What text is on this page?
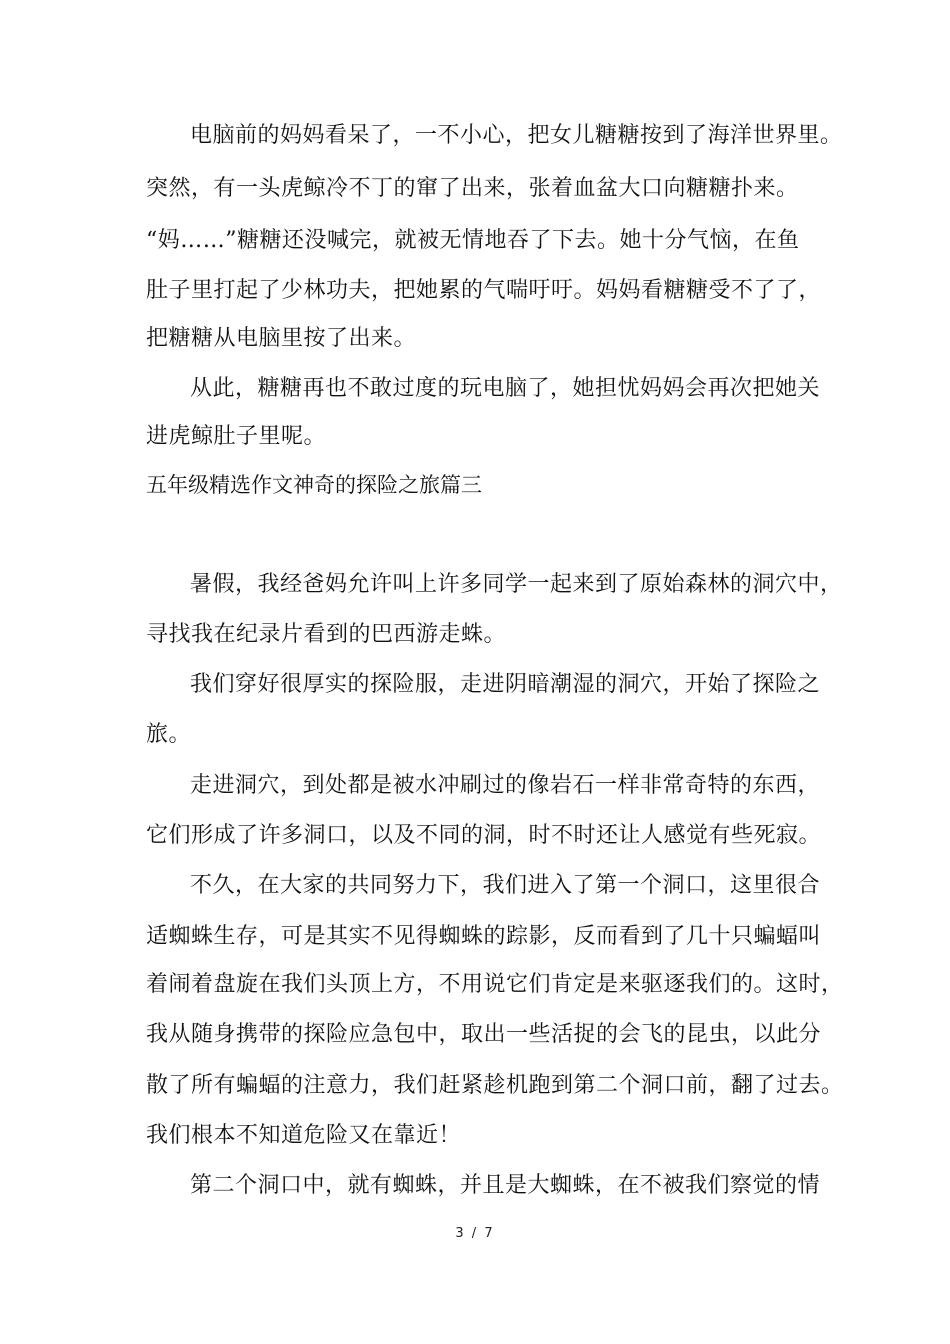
电脑前的妈妈看呆了，一不小心，把女儿糖糖按到了海洋世界里。
突然，有一头虎鲸冷不丁的窜了出来，张着血盆大口向糖糖扑来。
“妈……”糖糖还没喊完，就被无情地吞了下去。她十分气恼，在鱼
肚子里打起了少林功夫，把她累的气喘吁吁。妈妈看糖糖受不了了，
把糖糖从电脑里按了出来。
从此，糖糖再也不敢过度的玩电脑了，她担忧妈妈会再次把她关
进虎鲸肚子里呢。
五年级精选作文神奇的探险之旅篇三
暑假，我经爸妈允许叫上许多同学一起来到了原始森林的洞穴中，
寻找我在纪录片看到的巴西游走蛛。
我们穿好很厚实的探险服，走进阴暗潮湿的洞穴，开始了探险之
旅。
走进洞穴，到处都是被水冲刷过的像岩石一样非常奇特的东西，
它们形成了许多洞口，以及不同的洞，时不时还让人感觉有些死寂。
不久，在大家的共同努力下，我们进入了第一个洞口，这里很合
适蜘蛛生存，可是其实不见得蜘蛛的踪影，反而看到了几十只蝙蝠叫
着闹着盘旋在我们头顶上方，不用说它们肯定是来驱逐我们的。这时，
我从随身携带的探险应急包中，取出一些活捉的会飞的昆虫，以此分
散了所有蝙蝠的注意力，我们赶紧趁机跑到第二个洞口前，翻了过去。
我们根本不知道危险又在靠近！
第二个洞口中，就有蜘蛛，并且是大蜘蛛，在不被我们察觉的情
3 / 7
